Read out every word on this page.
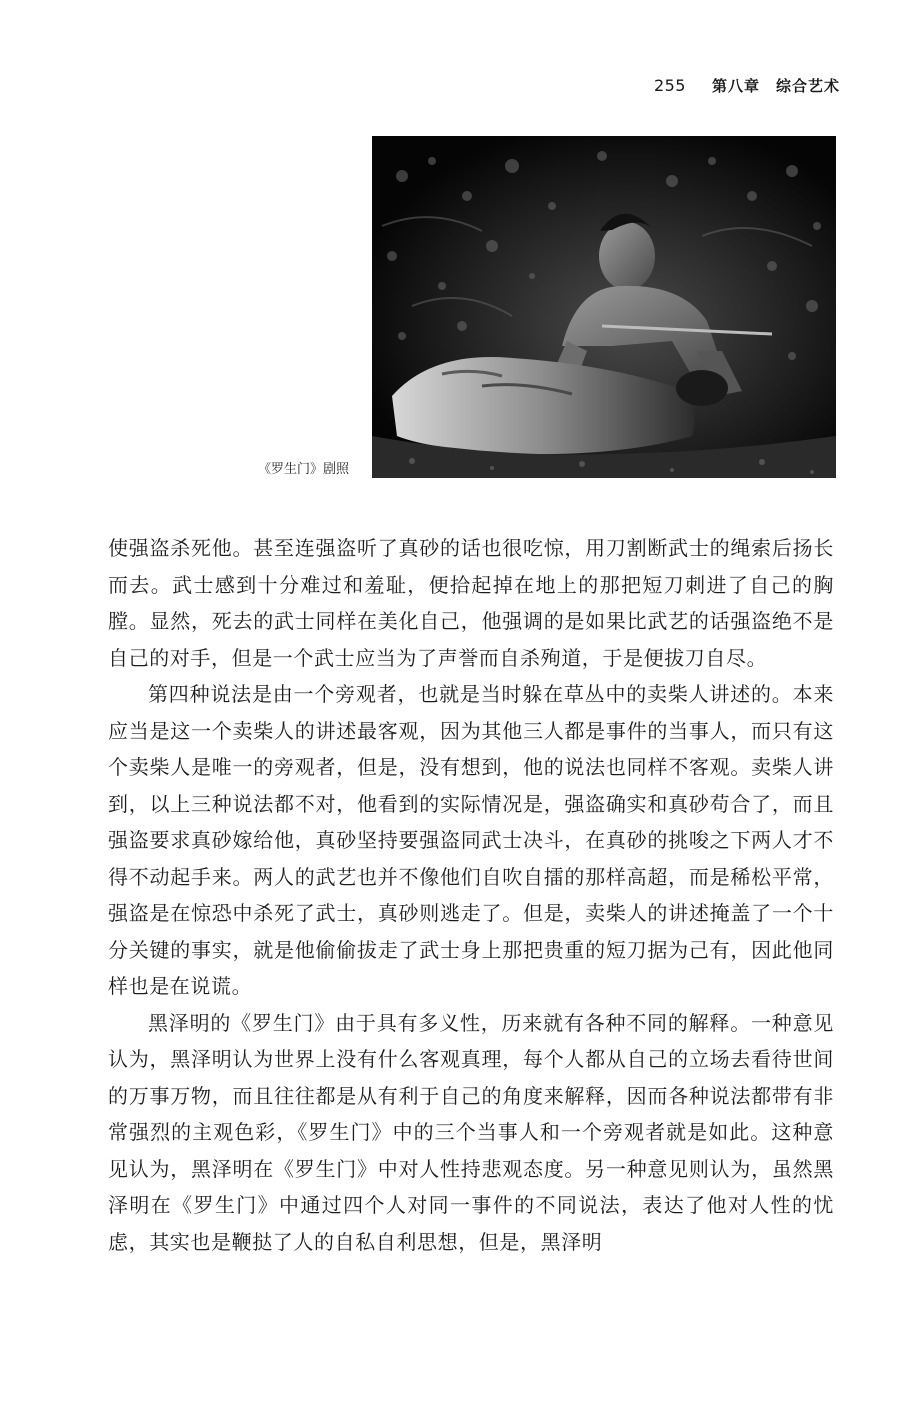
255 第八章　综合艺术
《罗生门》剧照

使强盗杀死他。甚至连强盗听了真砂的话也很吃惊，用刀割断武士的绳索后扬长而去。武士感到十分难过和羞耻，便拾起掉在地上的那把短刀刺进了自己的胸膛。显然，死去的武士同样在美化自己，他强调的是如果比武艺的话强盗绝不是自己的对手，但是一个武士应当为了声誉而自杀殉道，于是便拔刀自尽。

第四种说法是由一个旁观者，也就是当时躲在草丛中的卖柴人讲述的。本来应当是这一个卖柴人的讲述最客观，因为其他三人都是事件的当事人，而只有这个卖柴人是唯一的旁观者，但是，没有想到，他的说法也同样不客观。卖柴人讲到，以上三种说法都不对，他看到的实际情况是，强盗确实和真砂苟合了，而且强盗要求真砂嫁给他，真砂坚持要强盗同武士决斗，在真砂的挑唆之下两人才不得不动起手来。两人的武艺也并不像他们自吹自擂的那样高超，而是稀松平常，强盗是在惊恐中杀死了武士，真砂则逃走了。但是，卖柴人的讲述掩盖了一个十分关键的事实，就是他偷偷拔走了武士身上那把贵重的短刀据为己有，因此他同样也是在说谎。

黑泽明的《罗生门》由于具有多义性，历来就有各种不同的解释。一种意见认为，黑泽明认为世界上没有什么客观真理，每个人都从自己的立场去看待世间的万事万物，而且往往都是从有利于自己的角度来解释，因而各种说法都带有非常强烈的主观色彩，《罗生门》中的三个当事人和一个旁观者就是如此。这种意见认为，黑泽明在《罗生门》中对人性持悲观态度。另一种意见则认为，虽然黑泽明在《罗生门》中通过四个人对同一事件的不同说法，表达了他对人性的忧虑，其实也是鞭挞了人的自私自利思想，但是，黑泽明
